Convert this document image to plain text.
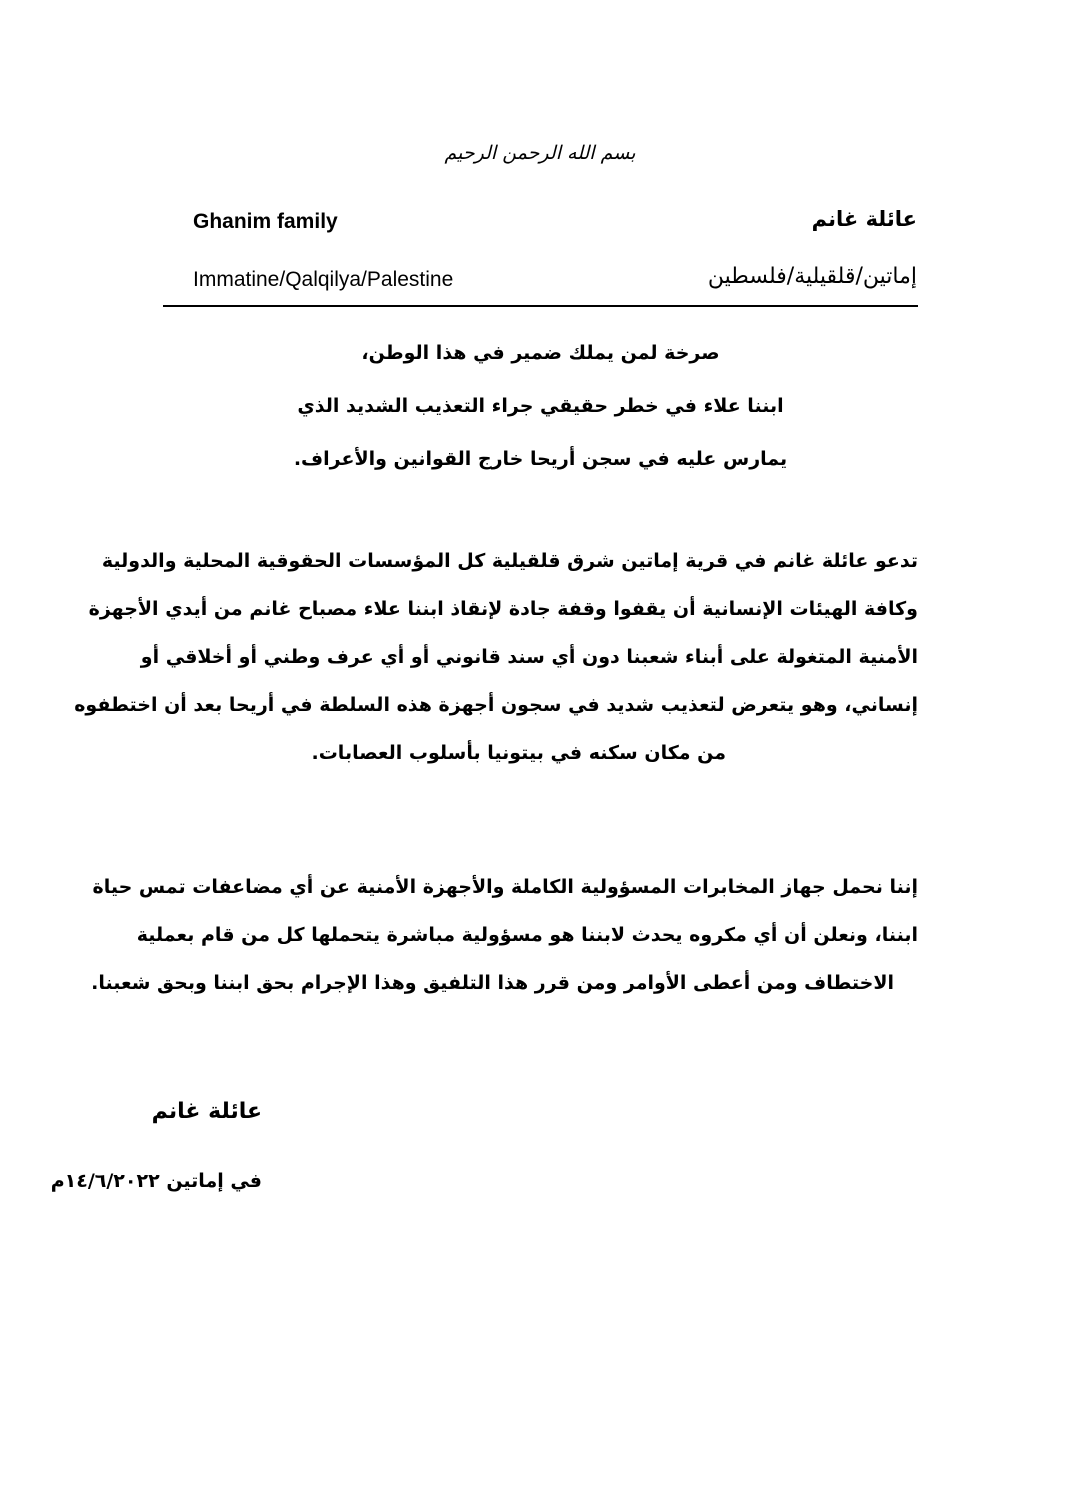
بسم الله الرحمن الرحيم
Ghanim family	عائلة غانم
Immatine/Qalqilya/Palestine	إماتين/قلقيلية/فلسطين
صرخة لمن يملك ضمير في هذا الوطن،
ابننا علاء في خطر حقيقي جراء التعذيب الشديد الذي
يمارس عليه في سجن أريحا خارج القوانين والأعراف.
تدعو عائلة غانم في قرية إماتين شرق قلقيلية كل المؤسسات الحقوقية المحلية والدولية
وكافة الهيئات الإنسانية أن يقفوا وقفة جادة لإنقاذ ابننا علاء مصباح غانم من أيدي الأجهزة
الأمنية المتغولة على أبناء شعبنا دون أي سند قانوني أو أي عرف وطني أو أخلاقي أو
إنساني، وهو يتعرض لتعذيب شديد في سجون أجهزة هذه السلطة في أريحا بعد أن اختطفوه
من مكان سكنه في بيتونيا بأسلوب العصابات.
إننا نحمل جهاز المخابرات المسؤولية الكاملة والأجهزة الأمنية عن أي مضاعفات تمس حياة
ابننا، ونعلن أن أي مكروه يحدث لابننا هو مسؤولية مباشرة يتحملها كل من قام بعملية
الاختطاف ومن أعطى الأوامر ومن قرر هذا التلفيق وهذا الإجرام بحق ابننا وبحق شعبنا.
عائلة غانم
في إماتين ١٤/٦/٢٠٢٢م
